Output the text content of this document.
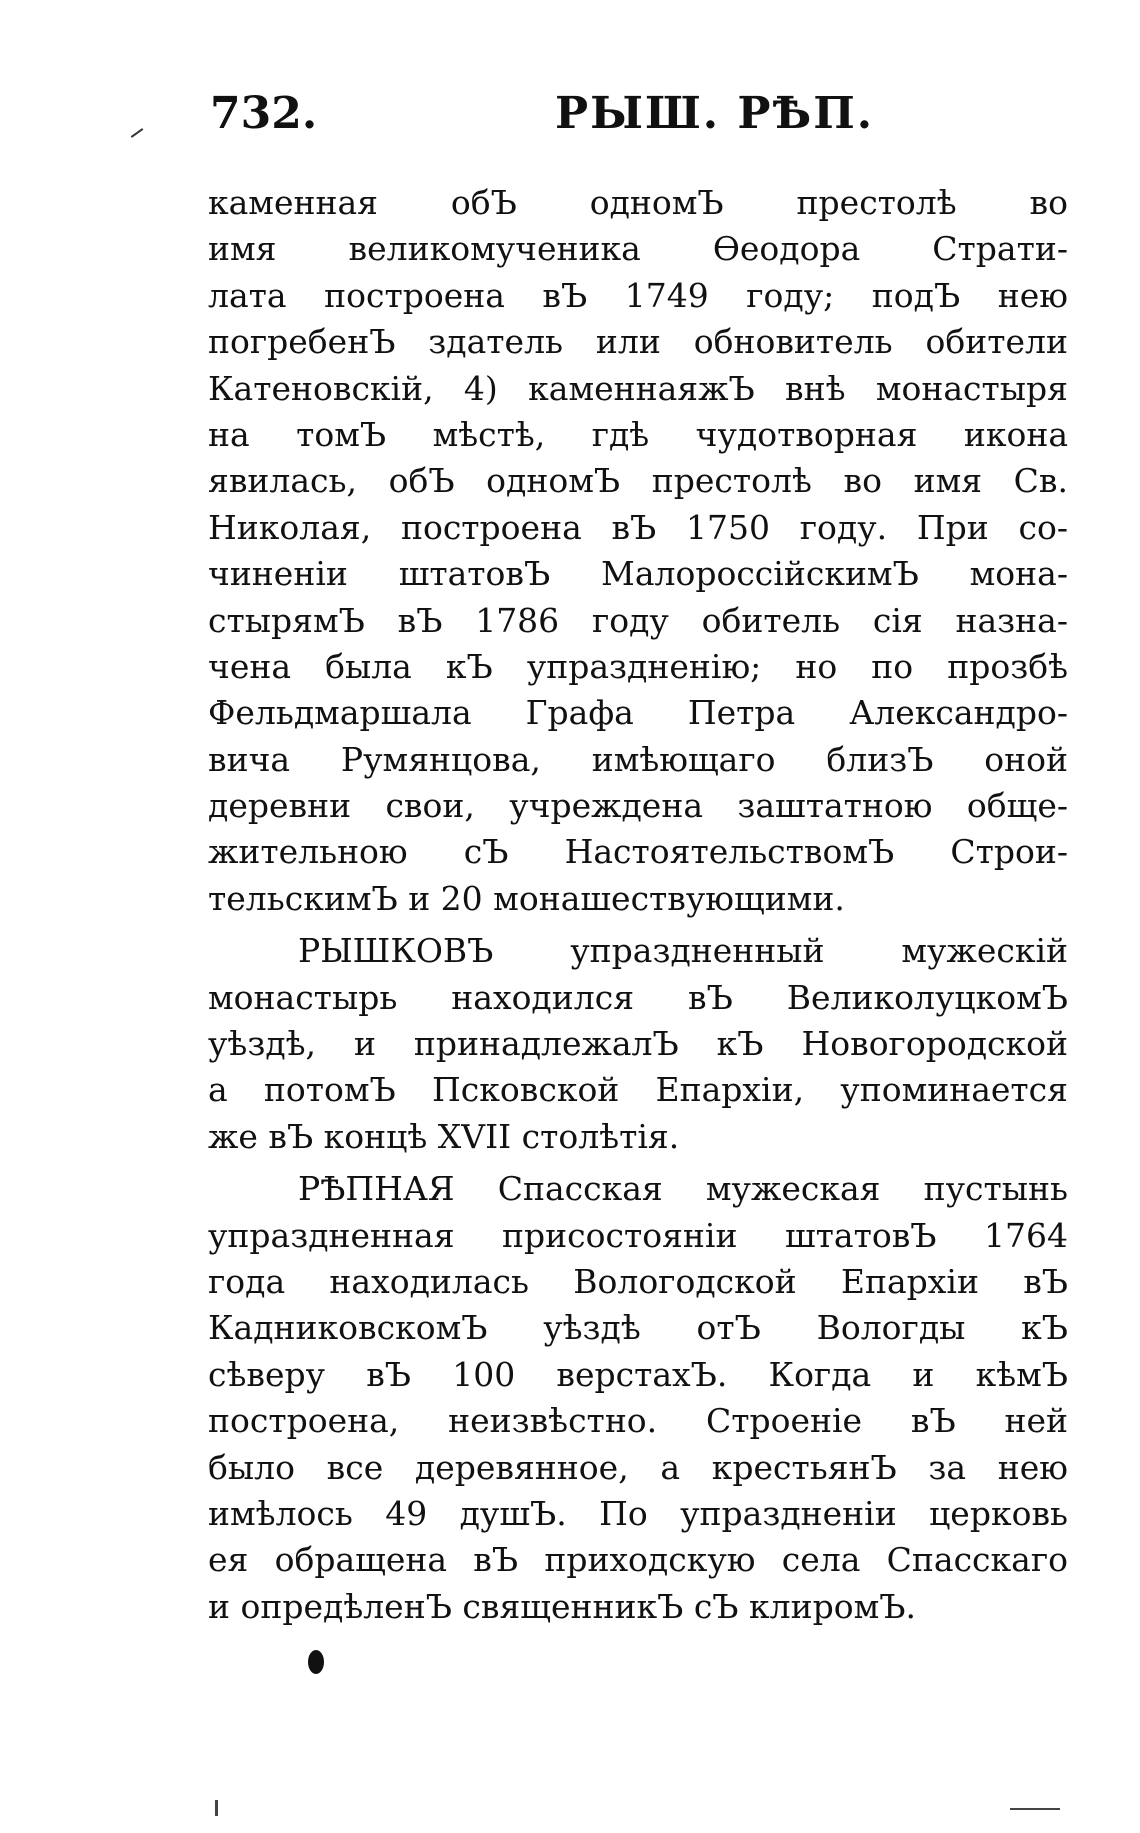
732.	РЫШ. РѢП.
каменная обЪ одномЪ престолѣ во
имя великомученика Ѳеодора Страти-
лата построена вЪ 1749 году; подЪ нею
погребенЪ здатель или обновитель обители
Катеновскій, 4) каменнаяжЪ внѣ монастыря
на томЪ мѣстѣ, гдѣ чудотворная икона
явилась, обЪ одномЪ престолѣ во имя Св.
Николая, построена вЪ 1750 году. При со-
чиненіи штатовЪ МалороссійскимЪ мона-
стырямЪ вЪ 1786 году обитель сія назна-
чена была кЪ упраздненію; но по прозбѣ
Фельдмаршала Графа Петра Александро-
вича Румянцова, имѣющаго близЪ оной
деревни свои, учреждена заштатною обще-
жительною сЪ НастоятельствомЪ Строи-
тельскимЪ и 20 монашествующими.
РЫШКОВЪ упраздненный мужескій
монастырь находился вЪ ВеликолуцкомЪ
уѣздѣ, и принадлежалЪ кЪ Новогородской
а потомЪ Псковской Епархіи, упоминается
же вЪ концѣ XVII столѣтія.
РѢПНАЯ Спасская мужеская пустынь
упраздненная присостояніи штатовЪ 1764
года находилась Вологодской Епархіи вЪ
КадниковскомЪ уѣздѣ отЪ Вологды кЪ
сѣверу вЪ 100 верстахЪ. Когда и кѣмЪ
построена, неизвѣстно. Строеніе вЪ ней
было все деревянное, а крестьянЪ за нею
имѣлось 49 душЪ. По упраздненіи церковь
ея обращена вЪ приходскую села Спасскаго
и опредѣленЪ священникЪ сЪ клиромЪ.
